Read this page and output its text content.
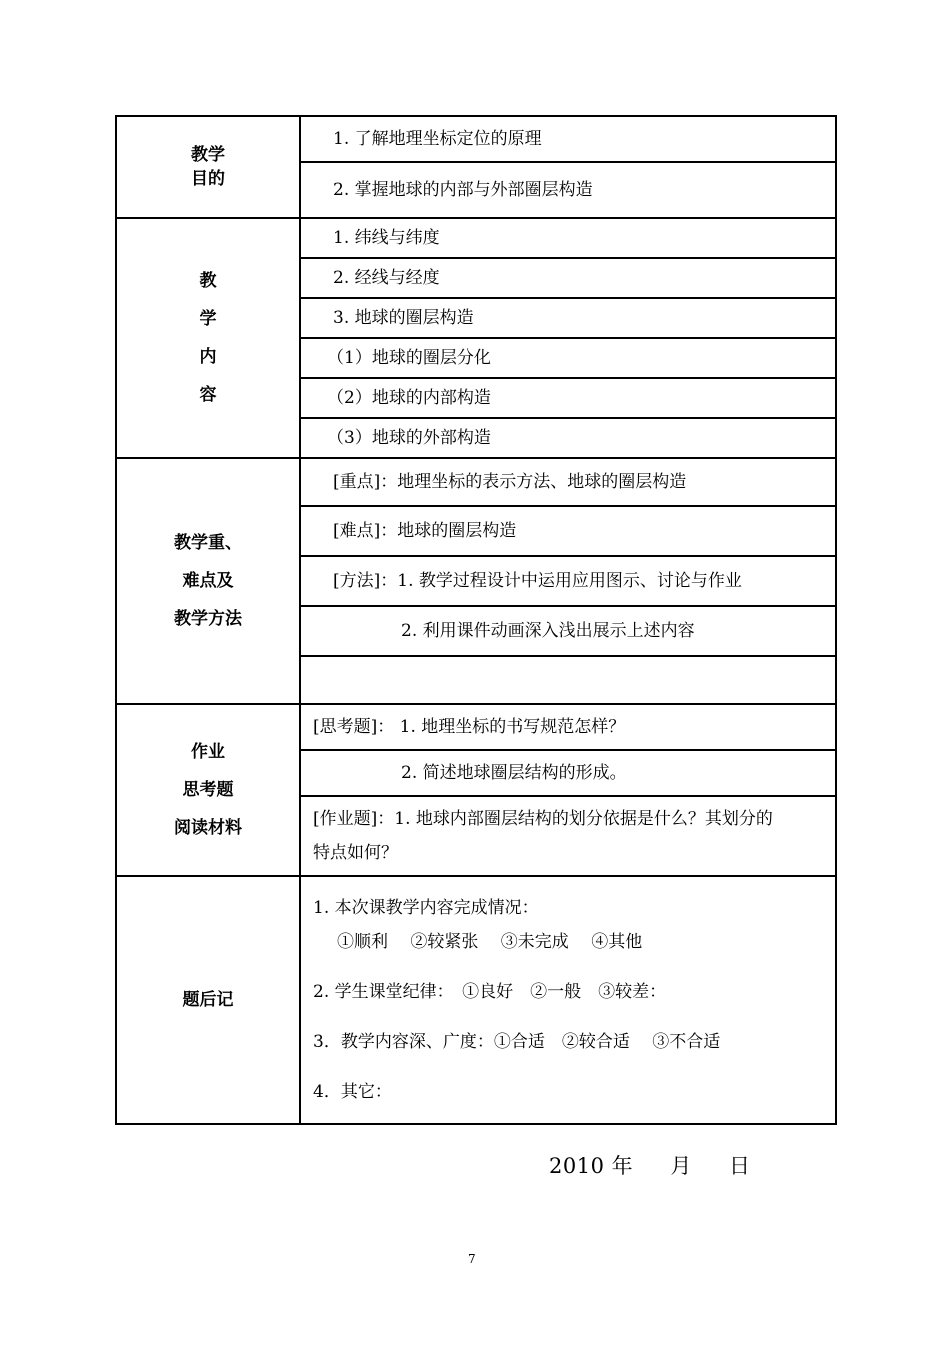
教学
目的	1. 了解地理坐标定位的原理
	2. 掌握地球的内部与外部圈层构造

教
学
内
容	1. 纬线与纬度
	2. 经线与经度
	3. 地球的圈层构造
	（1）地球的圈层分化
	（2）地球的内部构造
	（3）地球的外部构造

教学重、
难点及
教学方法	[重点]：地理坐标的表示方法、地球的圈层构造
	[难点]：地球的圈层构造
	[方法]：1. 教学过程设计中运用应用图示、讨论与作业
	2. 利用课件动画深入浅出展示上述内容

作业
思考题
阅读材料	[思考题]： 1. 地理坐标的书写规范怎样？
	2. 简述地球圈层结构的形成。

	[作业题]：1. 地球内部圈层结构的划分依据是什么？其划分的
特点如何？

题后记	1. 本次课教学内容完成情况：
①顺利　 ②较紧张　 ③未完成　 ④其他
2. 学生课堂纪律：　①良好　②一般　③较差：
3．教学内容深、广度：①合适　②较合适　 ③不合适
4．其它：
2010 年 月 日
7
